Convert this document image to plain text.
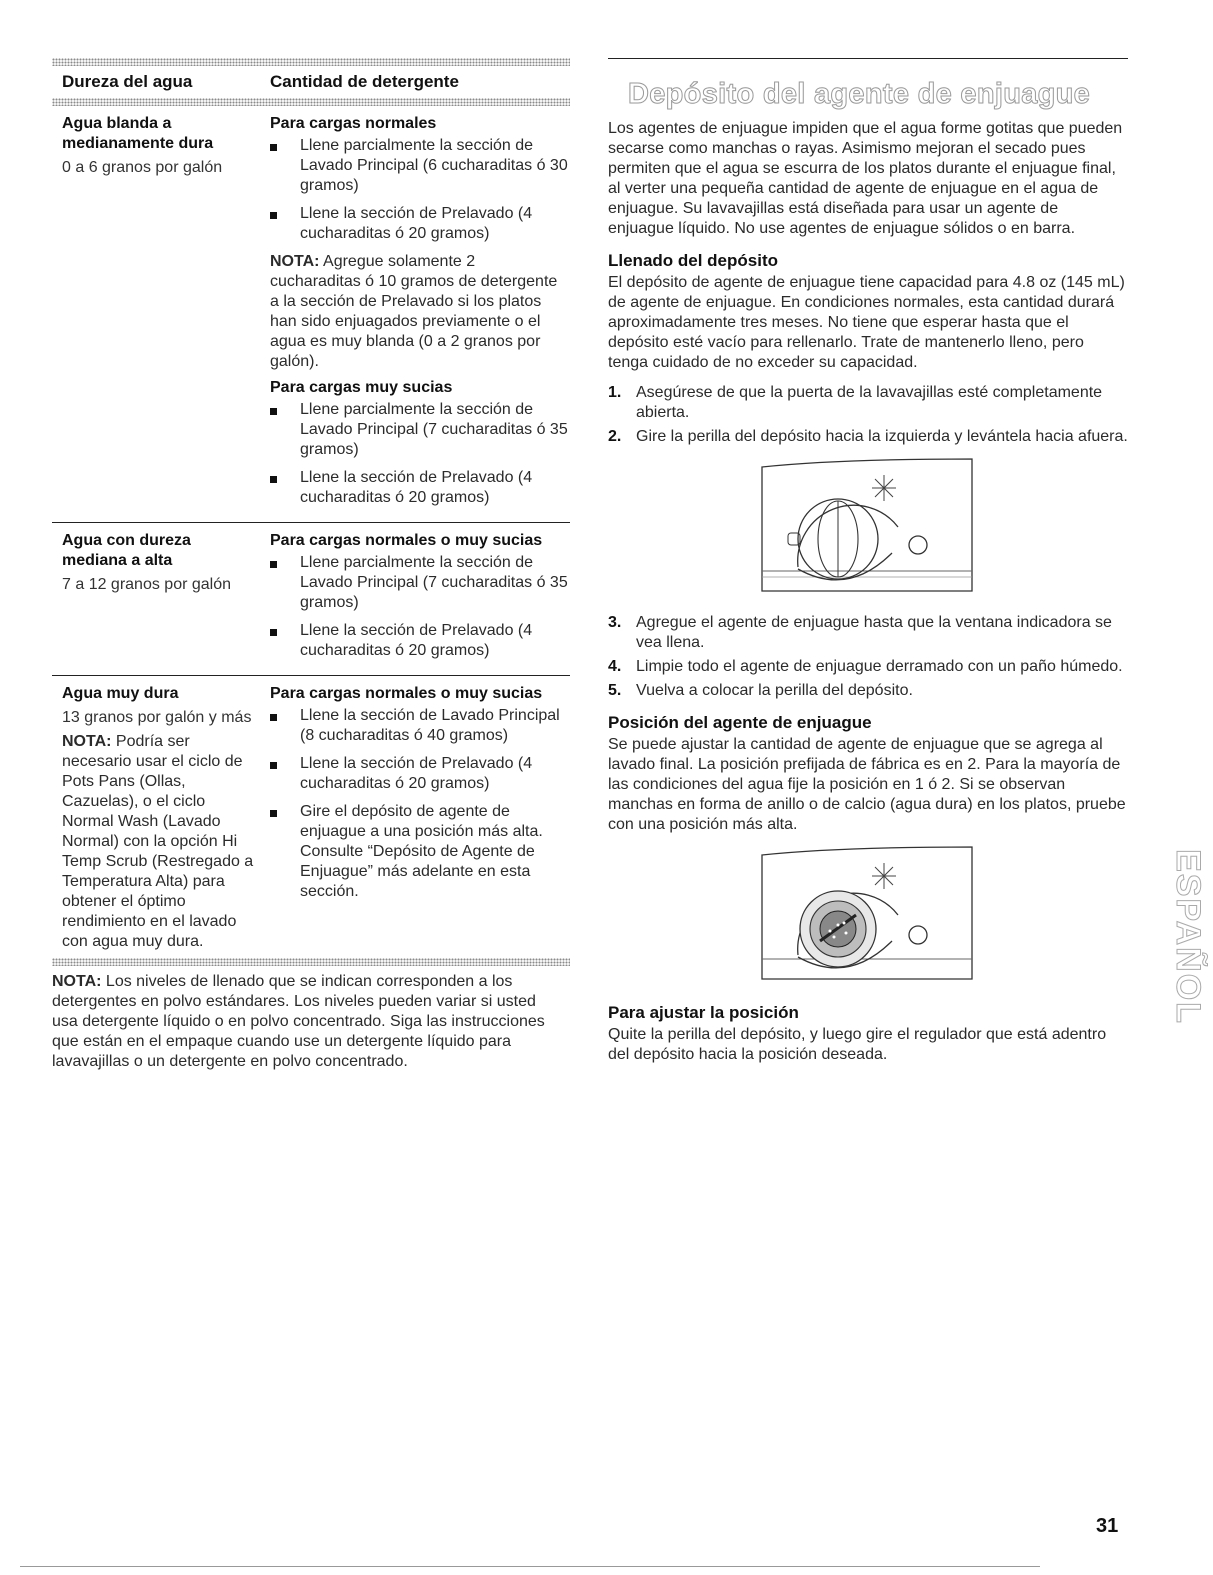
Dureza del agua	Cantidad de detergente
Agua blanda a medianamente dura
0 a 6 granos por galón
Para cargas normales
Llene parcialmente la sección de Lavado Principal (6 cucharaditas ó 30 gramos)
Llene la sección de Prelavado (4 cucharaditas ó 20 gramos)
NOTA: Agregue solamente 2 cucharaditas ó 10 gramos de detergente a la sección de Prelavado si los platos han sido enjuagados previamente o el agua es muy blanda (0 a 2 granos por galón).
Para cargas muy sucias
Llene parcialmente la sección de Lavado Principal (7 cucharaditas ó 35 gramos)
Llene la sección de Prelavado (4 cucharaditas ó 20 gramos)
Agua con dureza mediana a alta
7 a 12 granos por galón
Para cargas normales o muy sucias
Llene parcialmente la sección de Lavado Principal (7 cucharaditas ó 35 gramos)
Llene la sección de Prelavado (4 cucharaditas ó 20 gramos)
Agua muy dura
13 granos por galón y más
NOTA: Podría ser necesario usar el ciclo de Pots Pans (Ollas, Cazuelas), o el ciclo Normal Wash (Lavado Normal) con la opción Hi Temp Scrub (Restregado a Temperatura Alta) para obtener el óptimo rendimiento en el lavado con agua muy dura.
Para cargas normales o muy sucias
Llene la sección de Lavado Principal (8 cucharaditas ó 40 gramos)
Llene la sección de Prelavado (4 cucharaditas ó 20 gramos)
Gire el depósito de agente de enjuague a una posición más alta. Consulte “Depósito de Agente de Enjuague” más adelante en esta sección.
NOTA: Los niveles de llenado que se indican corresponden a los detergentes en polvo estándares. Los niveles pueden variar si usted usa detergente líquido o en polvo concentrado. Siga las instrucciones que están en el empaque cuando use un detergente líquido para lavavajillas o un detergente en polvo concentrado.
Depósito del agente de enjuague

Los agentes de enjuague impiden que el agua forme gotitas que pueden secarse como manchas o rayas. Asimismo mejoran el secado pues permiten que el agua se escurra de los platos durante el enjuague final, al verter una pequeña cantidad de agente de enjuague en el agua de enjuague. Su lavavajillas está diseñada para usar un agente de enjuague líquido. No use agentes de enjuague sólidos o en barra.

Llenado del depósito

El depósito de agente de enjuague tiene capacidad para 4.8 oz (145 mL) de agente de enjuague. En condiciones normales, esta cantidad durará aproximadamente tres meses. No tiene que esperar hasta que el depósito esté vacío para rellenarlo. Trate de mantenerlo lleno, pero tenga cuidado de no exceder su capacidad.

1. Asegúrese de que la puerta de la lavavajillas esté completamente abierta.
2. Gire la perilla del depósito hacia la izquierda y levántela hacia afuera.
3. Agregue el agente de enjuague hasta que la ventana indicadora se vea llena.
4. Limpie todo el agente de enjuague derramado con un paño húmedo.
5. Vuelva a colocar la perilla del depósito.
Posición del agente de enjuague

Se puede ajustar la cantidad de agente de enjuague que se agrega al lavado final. La posición prefijada de fábrica es en 2. Para la mayoría de las condiciones del agua fije la posición en 1 ó 2. Si se observan manchas en forma de anillo o de calcio (agua dura) en los platos, pruebe con una posición más alta.

Para ajustar la posición

Quite la perilla del depósito, y luego gire el regulador que está adentro del depósito hacia la posición deseada.

ESPAÑOL
31
